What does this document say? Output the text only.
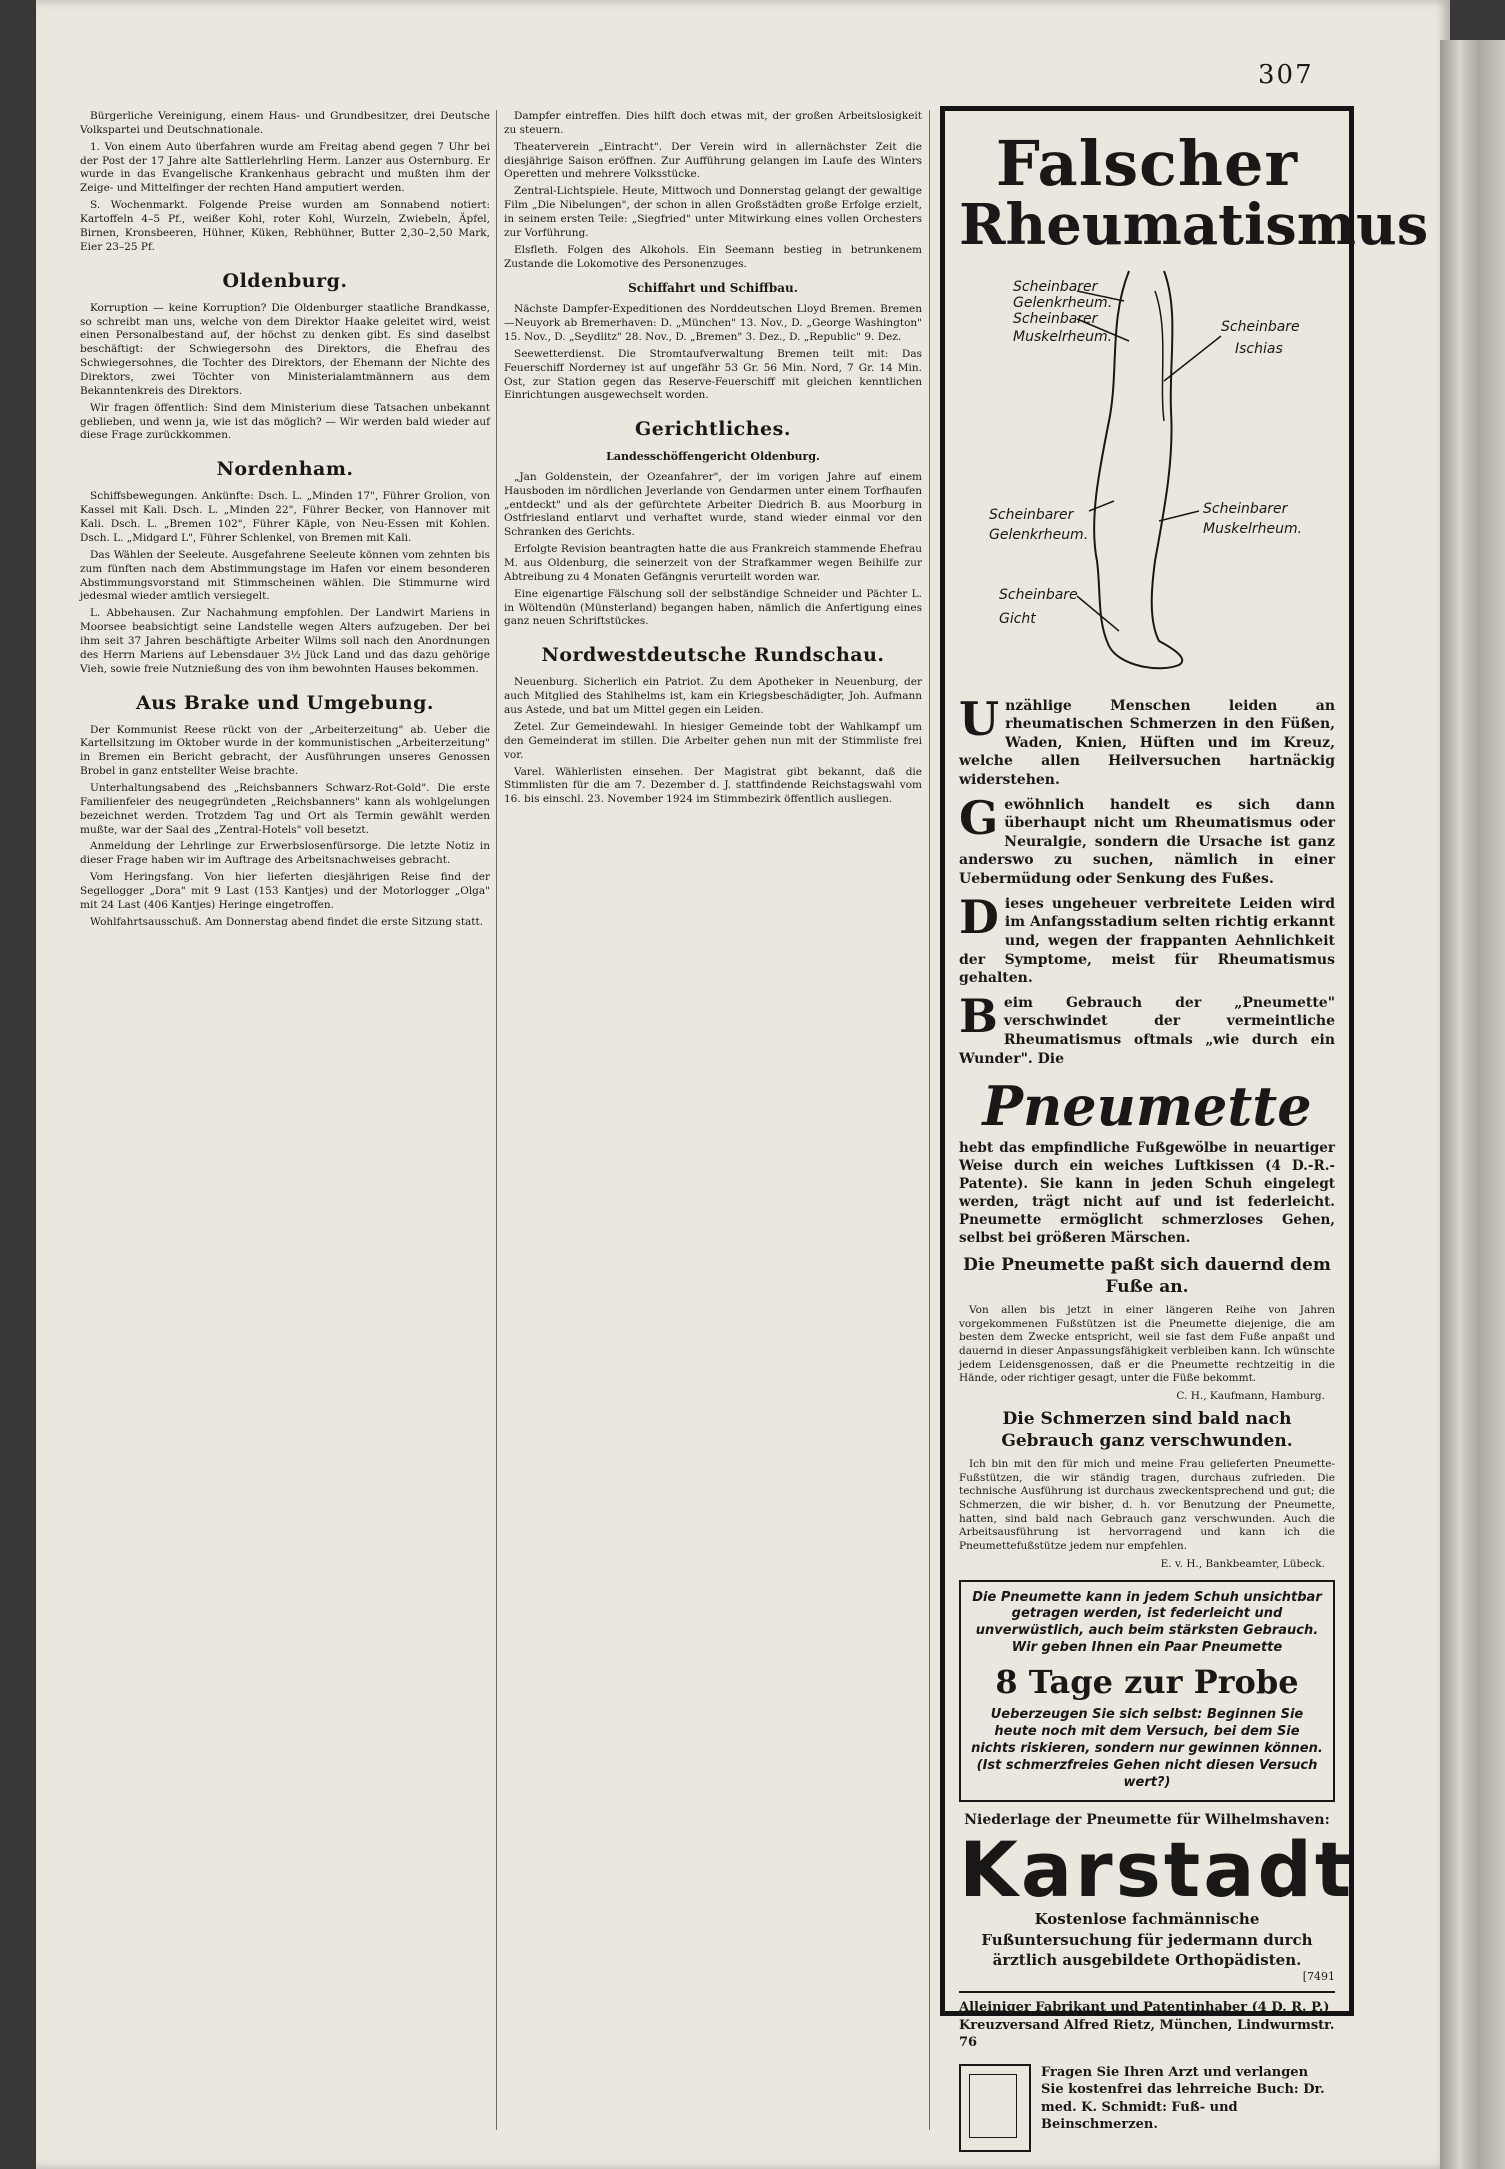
307

Bürgerliche Vereinigung, einem Haus- und Grundbesitzer, drei Deutsche Volkspartei und Deutschnationale.

1. Von einem Auto überfahren wurde am Freitag abend gegen 7 Uhr bei der Post der 17 Jahre alte Sattlerlehrling Herm. Lanzer aus Osternburg. Er wurde in das Evangelische Krankenhaus gebracht und mußten ihm der Zeige- und Mittelfinger der rechten Hand amputiert werden.

S. Wochenmarkt. Folgende Preise wurden am Sonnabend notiert: Kartoffeln 4–5 Pf., weißer Kohl, roter Kohl, Wurzeln, Zwiebeln, Äpfel, Birnen, Kronsbeeren, Hühner, Küken, Rebhühner, Butter 2,30–2,50 Mark, Eier 23–25 Pf.

Oldenburg.

Korruption — keine Korruption? Die Oldenburger staatliche Brandkasse, so schreibt man uns, welche von dem Direktor Haake geleitet wird, weist einen Personalbestand auf, der höchst zu denken gibt. Es sind daselbst beschäftigt: der Schwiegersohn des Direktors, die Ehefrau des Schwiegersohnes, die Tochter des Direktors, der Ehemann der Nichte des Direktors, zwei Töchter von Ministerialamtmännern aus dem Bekanntenkreis des Direktors.

Wir fragen öffentlich: Sind dem Ministerium diese Tatsachen unbekannt geblieben, und wenn ja, wie ist das möglich? — Wir werden bald wieder auf diese Frage zurückkommen.

Nordenham.

Schiffsbewegungen. Ankünfte: Dsch. L. „Minden 17", Führer Grolion, von Kassel mit Kali. Dsch. L. „Minden 22", Führer Becker, von Hannover mit Kali. Dsch. L. „Bremen 102", Führer Käple, von Neu-Essen mit Kohlen. Dsch. L. „Midgard L", Führer Schlenkel, von Bremen mit Kali.

Das Wählen der Seeleute. Ausgefahrene Seeleute können vom zehnten bis zum fünften nach dem Abstimmungstage im Hafen vor einem besonderen Abstimmungsvorstand mit Stimmscheinen wählen. Die Stimmurne wird jedesmal wieder amtlich versiegelt.

L. Abbehausen. Zur Nachahmung empfohlen. Der Landwirt Mariens in Moorsee beabsichtigt seine Landstelle wegen Alters aufzugeben. Der bei ihm seit 37 Jahren beschäftigte Arbeiter Wilms soll nach den Anordnungen des Herrn Mariens auf Lebensdauer 3½ Jück Land und das dazu gehörige Vieh, sowie freie Nutznießung des von ihm bewohnten Hauses bekommen.

Aus Brake und Umgebung.

Der Kommunist Reese rückt von der „Arbeiterzeitung" ab. Ueber die Kartellsitzung im Oktober wurde in der kommunistischen „Arbeiterzeitung" in Bremen ein Bericht gebracht, der Ausführungen unseres Genossen Brobel in ganz entstellter Weise brachte.

Unterhaltungsabend des „Reichsbanners Schwarz-Rot-Gold". Die erste Familienfeier des neugegründeten „Reichsbanners" kann als wohlgelungen bezeichnet werden. Trotzdem Tag und Ort als Termin gewählt werden mußte, war der Saal des „Zentral-Hotels" voll besetzt.

Anmeldung der Lehrlinge zur Erwerbslosenfürsorge. Die letzte Notiz in dieser Frage haben wir im Auftrage des Arbeitsnachweises gebracht.

Vom Heringsfang. Von hier lieferten diesjährigen Reise find der Segellogger „Dora" mit 9 Last (153 Kantjes) und der Motorlogger „Olga" mit 24 Last (406 Kantjes) Heringe eingetroffen.

Wohlfahrtsausschuß. Am Donnerstag abend findet die erste Sitzung statt.

Dampfer eintreffen. Dies hilft doch etwas mit, der großen Arbeitslosigkeit zu steuern.

Theaterverein „Eintracht". Der Verein wird in allernächster Zeit die diesjährige Saison eröffnen. Zur Aufführung gelangen im Laufe des Winters Operetten und mehrere Volksstücke.

Zentral-Lichtspiele. Heute, Mittwoch und Donnerstag gelangt der gewaltige Film „Die Nibelungen", der schon in allen Großstädten große Erfolge erzielt, in seinem ersten Teile: „Siegfried" unter Mitwirkung eines vollen Orchesters zur Vorführung.

Elsfleth. Folgen des Alkohols. Ein Seemann bestieg in betrunkenem Zustande die Lokomotive des Personenzuges.

Schiffahrt und Schiffbau.

Nächste Dampfer-Expeditionen des Norddeutschen Lloyd Bremen. Bremen—Neuyork ab Bremerhaven: D. „München" 13. Nov., D. „George Washington" 15. Nov., D. „Seydlitz" 28. Nov., D. „Bremen" 3. Dez., D. „Republic" 9. Dez.

Seewetterdienst. Die Stromtaufverwaltung Bremen teilt mit: Das Feuerschiff Norderney ist auf ungefähr 53 Gr. 56 Min. Nord, 7 Gr. 14 Min. Ost, zur Station gegen das Reserve-Feuerschiff mit gleichen kenntlichen Einrichtungen ausgewechselt worden.

Gerichtliches.
Landesschöffengericht Oldenburg.

„Jan Goldenstein, der Ozeanfahrer", der im vorigen Jahre auf einem Hausboden im nördlichen Jeverlande von Gendarmen unter einem Torfhaufen „entdeckt" und als der gefürchtete Arbeiter Diedrich B. aus Moorburg in Ostfriesland entlarvt und verhaftet wurde, stand wieder einmal vor den Schranken des Gerichts.

Erfolgte Revision beantragten hatte die aus Frankreich stammende Ehefrau M. aus Oldenburg, die seinerzeit von der Strafkammer wegen Beihilfe zur Abtreibung zu 4 Monaten Gefängnis verurteilt worden war.

Eine eigenartige Fälschung soll der selbständige Schneider und Pächter L. in Wöltendün (Münsterland) begangen haben, nämlich die Anfertigung eines ganz neuen Schriftstückes.

Nordwestdeutsche Rundschau.

Neuenburg. Sicherlich ein Patriot. Zu dem Apotheker in Neuenburg, der auch Mitglied des Stahlhelms ist, kam ein Kriegsbeschädigter, Joh. Aufmann aus Astede, und bat um Mittel gegen ein Leiden.

Zetel. Zur Gemeindewahl. In hiesiger Gemeinde tobt der Wahlkampf um den Gemeinderat im stillen. Die Arbeiter gehen nun mit der Stimmliste frei vor.

Varel. Wählerlisten einsehen. Der Magistrat gibt bekannt, daß die Stimmlisten für die am 7. Dezember d. J. stattfindende Reichstagswahl vom 16. bis einschl. 23. November 1924 im Stimmbezirk öffentlich ausliegen.

Falscher
Rheumatismus
Scheinbarer
Gelenkrheum.
Scheinbarer
Muskelrheum.
Scheinbare
Ischias
Scheinbarer
Gelenkrheum.
Scheinbarer
Muskelrheum.
Scheinbare
Gicht
Unzählige Menschen leiden an rheumatischen Schmerzen in den Füßen, Waden, Knien, Hüften und im Kreuz, welche allen Heilversuchen hartnäckig widerstehen.
Gewöhnlich handelt es sich dann überhaupt nicht um Rheumatismus oder Neuralgie, sondern die Ursache ist ganz anderswo zu suchen, nämlich in einer Uebermüdung oder Senkung des Fußes.
Dieses ungeheuer verbreitete Leiden wird im Anfangsstadium selten richtig erkannt und, wegen der frappanten Aehnlichkeit der Symptome, meist für Rheumatismus gehalten.
Beim Gebrauch der „Pneumette" verschwindet der vermeintliche Rheumatismus oftmals „wie durch ein Wunder". Die
Pneumette
hebt das empfindliche Fußgewölbe in neuartiger Weise durch ein weiches Luftkissen (4 D.-R.-Patente). Sie kann in jeden Schuh eingelegt werden, trägt nicht auf und ist federleicht. Pneumette ermöglicht schmerzloses Gehen, selbst bei größeren Märschen.
Die Pneumette paßt sich dauernd dem Fuße an.

Von allen bis jetzt in einer längeren Reihe von Jahren vorgekommenen Fußstützen ist die Pneumette diejenige, die am besten dem Zwecke entspricht, weil sie fast dem Fuße anpaßt und dauernd in dieser Anpassungsfähigkeit verbleiben kann. Ich wünschte jedem Leidensgenossen, daß er die Pneumette rechtzeitig in die Hände, oder richtiger gesagt, unter die Füße bekommt.

C. H., Kaufmann, Hamburg.
Die Schmerzen sind bald nach Gebrauch ganz verschwunden.

Ich bin mit den für mich und meine Frau gelieferten Pneumette-Fußstützen, die wir ständig tragen, durchaus zufrieden. Die technische Ausführung ist durchaus zweckentsprechend und gut; die Schmerzen, die wir bisher, d. h. vor Benutzung der Pneumette, hatten, sind bald nach Gebrauch ganz verschwunden. Auch die Arbeitsausführung ist hervorragend und kann ich die Pneumettefußstütze jedem nur empfehlen.

E. v. H., Bankbeamter, Lübeck.
Die Pneumette kann in jedem Schuh unsichtbar getragen werden, ist federleicht und unverwüstlich, auch beim stärksten Gebrauch. Wir geben Ihnen ein Paar Pneumette
8 Tage zur Probe
Ueberzeugen Sie sich selbst: Beginnen Sie heute noch mit dem Versuch, bei dem Sie nichts riskieren, sondern nur gewinnen können. (Ist schmerzfreies Gehen nicht diesen Versuch wert?)
Niederlage der Pneumette für Wilhelmshaven:
Karstadt
Kostenlose fachmännische Fußuntersuchung für jedermann durch ärztlich ausgebildete Orthopädisten.
[7491
Alleiniger Fabrikant und Patentinhaber (4 D. R. P.) Kreuzversand Alfred Rietz, München, Lindwurmstr. 76
Fragen Sie Ihren Arzt und verlangen Sie kostenfrei das lehrreiche Buch: Dr. med. K. Schmidt: Fuß- und Beinschmerzen.
